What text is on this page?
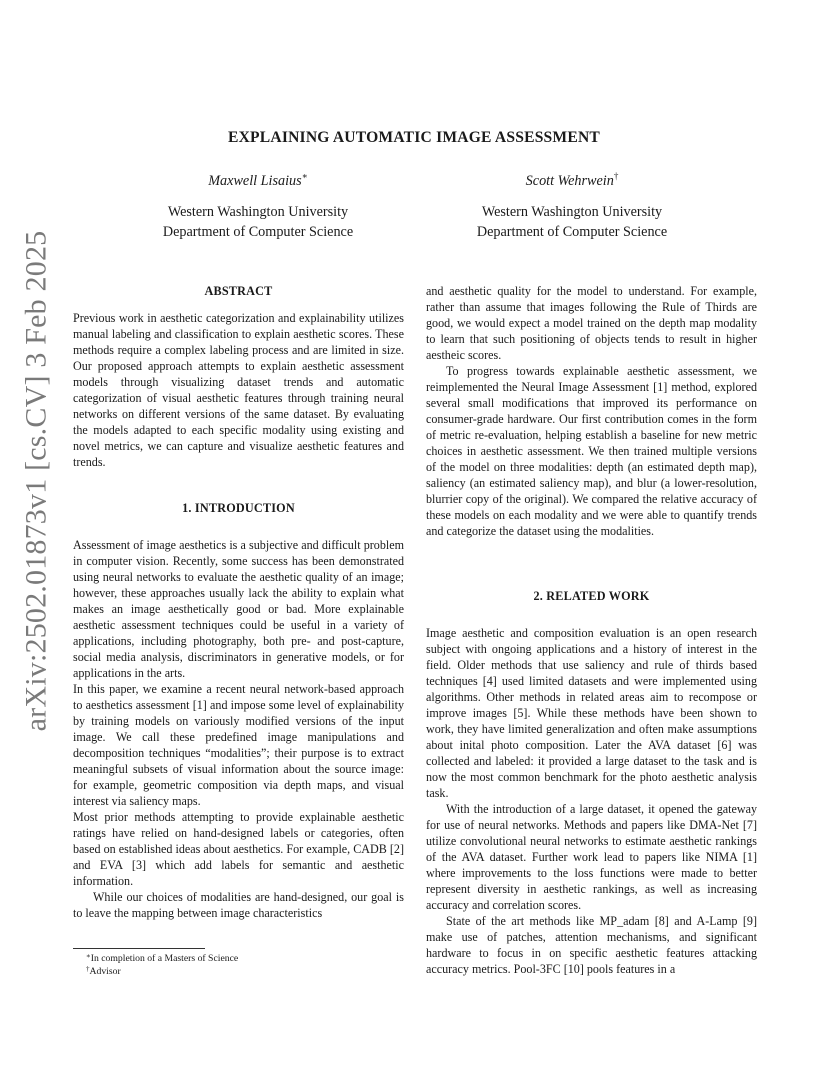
arXiv:2502.01873v1 [cs.CV] 3 Feb 2025
EXPLAINING AUTOMATIC IMAGE ASSESSMENT
Maxwell Lisaius∗
Western Washington University
Department of Computer Science
Scott Wehrwein†
Western Washington University
Department of Computer Science
ABSTRACT

Previous work in aesthetic categorization and explainability utilizes manual labeling and classification to explain aesthetic scores. These methods require a complex labeling process and are limited in size. Our proposed approach attempts to explain aesthetic assessment models through visualizing dataset trends and automatic categorization of visual aesthetic features through training neural networks on different versions of the same dataset. By evaluating the models adapted to each specific modality using existing and novel metrics, we can capture and visualize aesthetic features and trends.

1. INTRODUCTION

Assessment of image aesthetics is a subjective and difficult problem in computer vision. Recently, some success has been demonstrated using neural networks to evaluate the aesthetic quality of an image; however, these approaches usually lack the ability to explain what makes an image aesthetically good or bad. More explainable aesthetic assessment techniques could be useful in a variety of applications, including photography, both pre- and post-capture, social media analysis, discriminators in generative models, or for applications in the arts.

In this paper, we examine a recent neural network-based approach to aesthetics assessment [1] and impose some level of explainability by training models on variously modified versions of the input image. We call these predefined image manipulations and decomposition techniques “modalities”; their purpose is to extract meaningful subsets of visual information about the source image: for example, geometric composition via depth maps, and visual interest via saliency maps.

Most prior methods attempting to provide explainable aesthetic ratings have relied on hand-designed labels or categories, often based on established ideas about aesthetics. For example, CADB [2] and EVA [3] which add labels for semantic and aesthetic information.

While our choices of modalities are hand-designed, our goal is to leave the mapping between image characteristics

and aesthetic quality for the model to understand. For example, rather than assume that images following the Rule of Thirds are good, we would expect a model trained on the depth map modality to learn that such positioning of objects tends to result in higher aestheic scores.

To progress towards explainable aesthetic assessment, we reimplemented the Neural Image Assessment [1] method, explored several small modifications that improved its performance on consumer-grade hardware. Our first contribution comes in the form of metric re-evaluation, helping establish a baseline for new metric choices in aesthetic assessment. We then trained multiple versions of the model on three modalities: depth (an estimated depth map), saliency (an estimated saliency map), and blur (a lower-resolution, blurrier copy of the original). We compared the relative accuracy of these models on each modality and we were able to quantify trends and categorize the dataset using the modalities.

2. RELATED WORK

Image aesthetic and composition evaluation is an open research subject with ongoing applications and a history of interest in the field. Older methods that use saliency and rule of thirds based techniques [4] used limited datasets and were implemented using algorithms. Other methods in related areas aim to recompose or improve images [5]. While these methods have been shown to work, they have limited generalization and often make assumptions about inital photo composition. Later the AVA dataset [6] was collected and labeled: it provided a large dataset to the task and is now the most common benchmark for the photo aesthetic analysis task.

With the introduction of a large dataset, it opened the gateway for use of neural networks. Methods and papers like DMA-Net [7] utilize convolutional neural networks to estimate aesthetic rankings of the AVA dataset. Further work lead to papers like NIMA [1] where improvements to the loss functions were made to better represent diversity in aesthetic rankings, as well as increasing accuracy and correlation scores.

State of the art methods like MP_adam [8] and A-Lamp [9] make use of patches, attention mechanisms, and significant hardware to focus in on specific aesthetic features attacking accuracy metrics. Pool-3FC [10] pools features in a

∗In completion of a Masters of Science
†Advisor
